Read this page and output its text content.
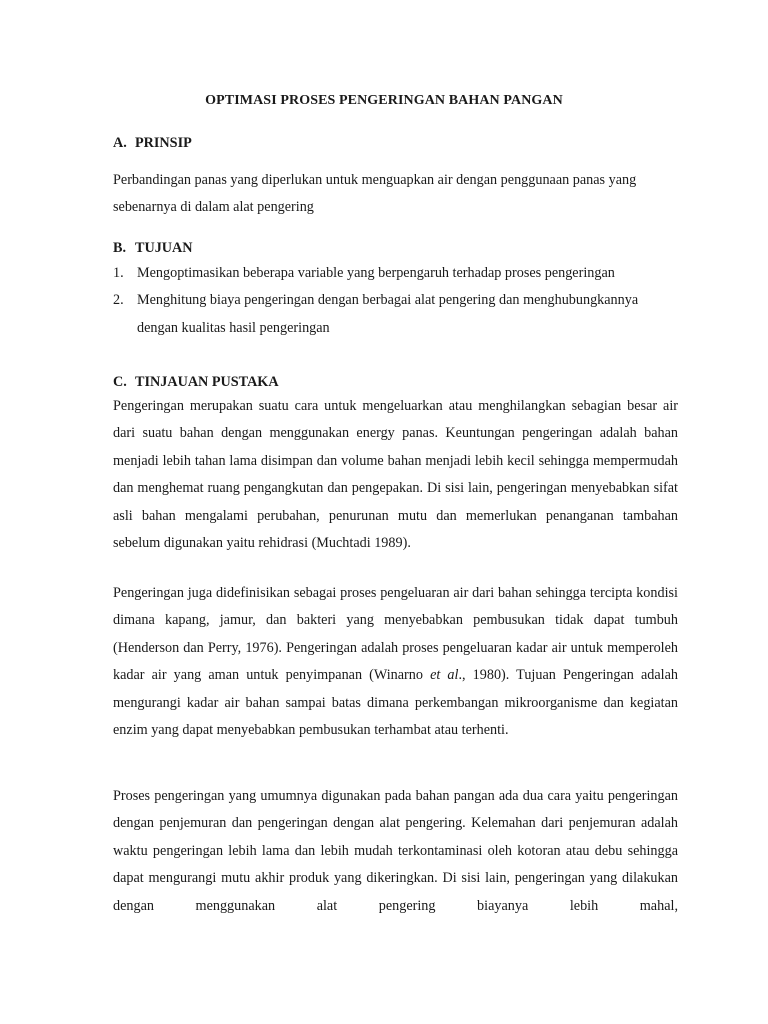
OPTIMASI PROSES PENGERINGAN BAHAN PANGAN
A. PRINSIP

Perbandingan panas yang diperlukan untuk menguapkan air dengan penggunaan panas yang sebenarnya di dalam alat pengering

B. TUJUAN
1. Mengoptimasikan beberapa variable yang berpengaruh terhadap proses pengeringan
2. Menghitung biaya pengeringan dengan berbagai alat pengering dan menghubungkannya dengan kualitas hasil pengeringan
C. TINJAUAN PUSTAKA

Pengeringan merupakan suatu cara untuk mengeluarkan atau menghilangkan sebagian besar air dari suatu bahan dengan menggunakan energy panas. Keuntungan pengeringan adalah bahan menjadi lebih tahan lama disimpan dan volume bahan menjadi lebih kecil sehingga mempermudah dan menghemat ruang pengangkutan dan pengepakan. Di sisi lain, pengeringan menyebabkan sifat asli bahan mengalami perubahan, penurunan mutu dan memerlukan penanganan tambahan sebelum digunakan yaitu rehidrasi (Muchtadi 1989).

Pengeringan juga didefinisikan sebagai proses pengeluaran air dari bahan sehingga tercipta kondisi dimana kapang, jamur, dan bakteri yang menyebabkan pembusukan tidak dapat tumbuh (Henderson dan Perry, 1976). Pengeringan adalah proses pengeluaran kadar air untuk memperoleh kadar air yang aman untuk penyimpanan (Winarno et al., 1980). Tujuan Pengeringan adalah mengurangi kadar air bahan sampai batas dimana perkembangan mikroorganisme dan kegiatan enzim yang dapat menyebabkan pembusukan terhambat atau terhenti.

Proses pengeringan yang umumnya digunakan pada bahan pangan ada dua cara yaitu pengeringan dengan penjemuran dan pengeringan dengan alat pengering. Kelemahan dari penjemuran adalah waktu pengeringan lebih lama dan lebih mudah terkontaminasi oleh kotoran atau debu sehingga dapat mengurangi mutu akhir produk yang dikeringkan. Di sisi lain, pengeringan yang dilakukan dengan menggunakan alat pengering biayanya lebih mahal,
